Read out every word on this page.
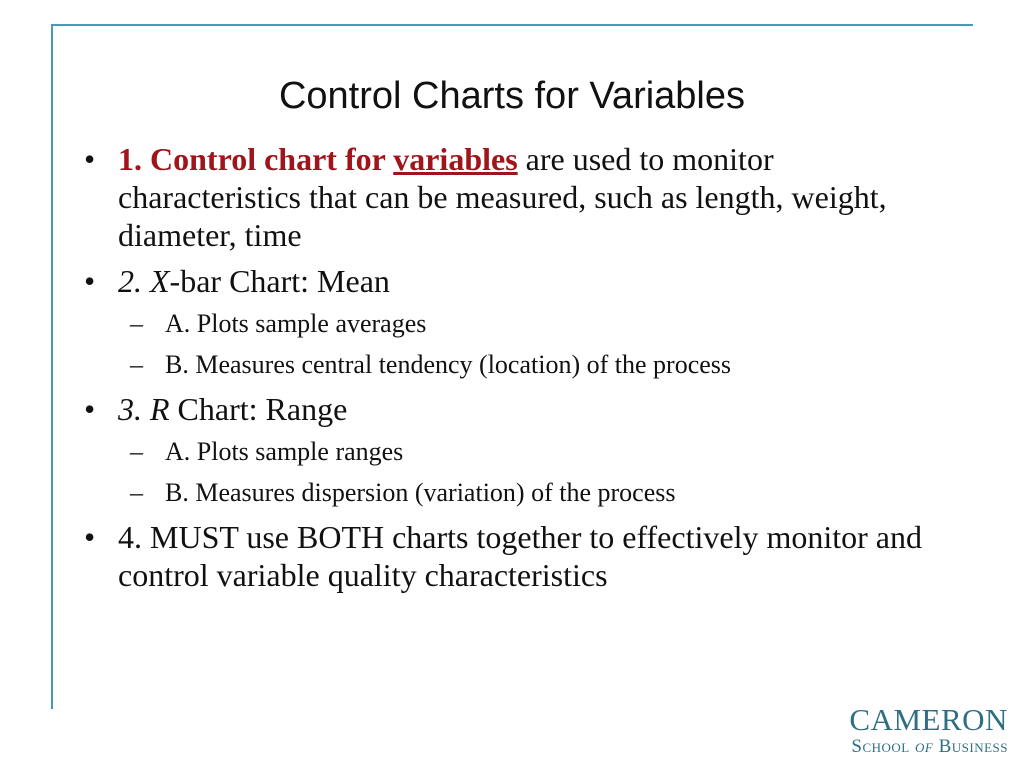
Control Charts for Variables
• 1. Control chart for variables are used to monitor characteristics that can be measured, such as length, weight, diameter, time
• 2. X-bar Chart: Mean
– A. Plots sample averages
– B. Measures central tendency (location) of the process
• 3. R Chart: Range
– A. Plots sample ranges
– B. Measures dispersion (variation) of the process
• 4. MUST use BOTH charts together to effectively monitor and control variable quality characteristics
CAMERON
School of Business
